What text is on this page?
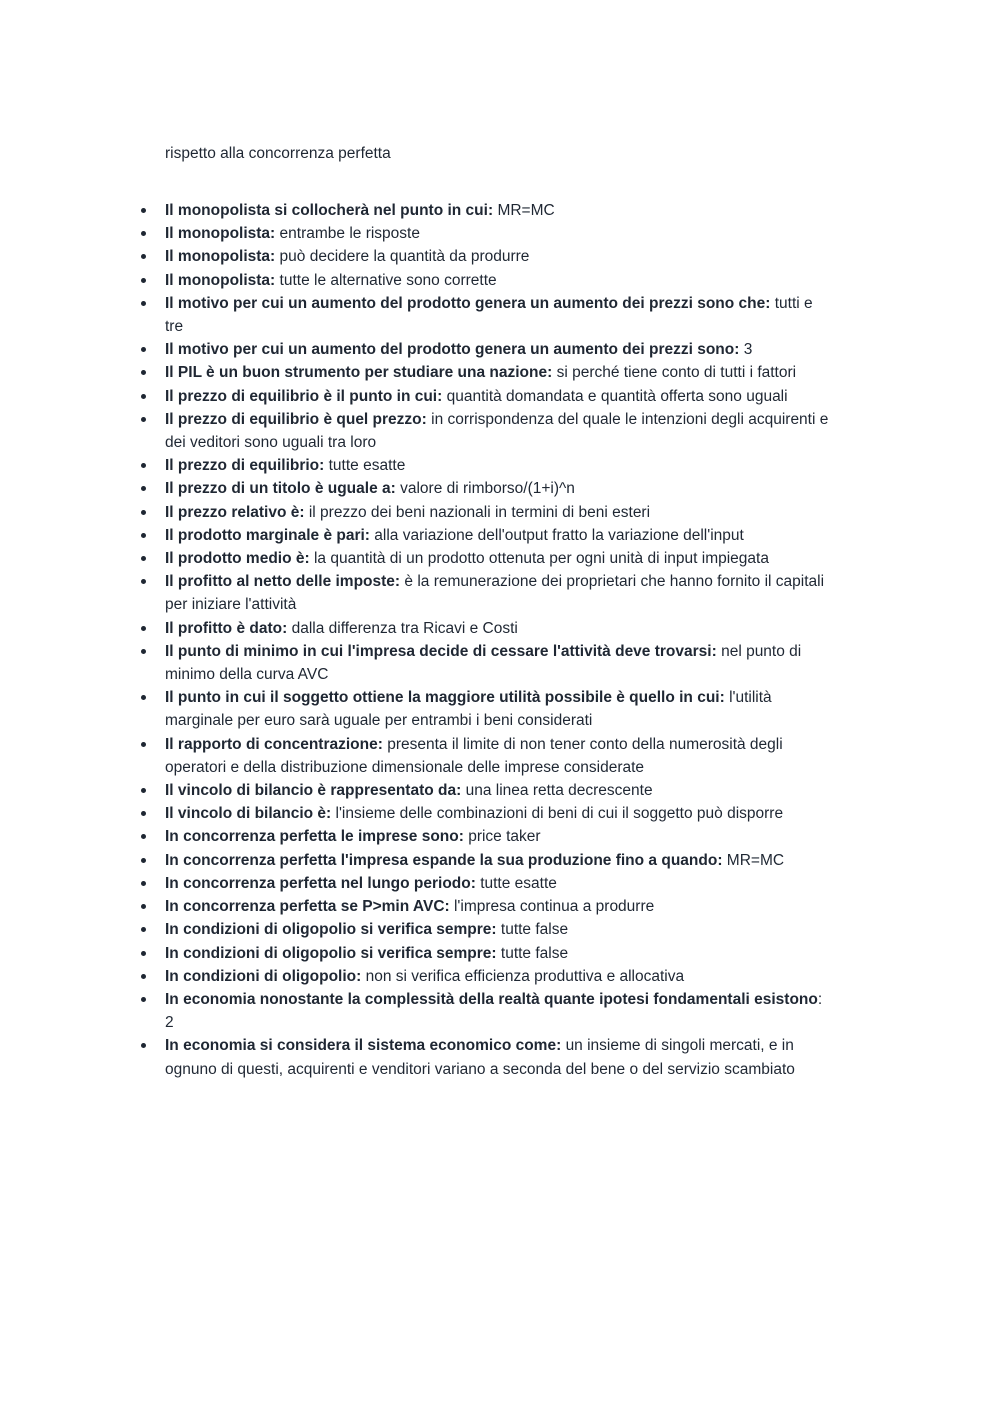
rispetto alla concorrenza perfetta

Il monopolista si collocherà nel punto in cui: MR=MC
Il monopolista: entrambe le risposte
Il monopolista: può decidere la quantità da produrre
Il monopolista: tutte le alternative sono corrette
Il motivo per cui un aumento del prodotto genera un aumento dei prezzi sono che: tutti e tre
Il motivo per cui un aumento del prodotto genera un aumento dei prezzi sono: 3
Il PIL è un buon strumento per studiare una nazione: si perché tiene conto di tutti i fattori
Il prezzo di equilibrio è il punto in cui: quantità domandata e quantità offerta sono uguali
Il prezzo di equilibrio è quel prezzo: in corrispondenza del quale le intenzioni degli acquirenti e dei veditori sono uguali tra loro
Il prezzo di equilibrio: tutte esatte
Il prezzo di un titolo è uguale a: valore di rimborso/(1+i)^n
Il prezzo relativo è: il prezzo dei beni nazionali in termini di beni esteri
Il prodotto marginale è pari: alla variazione dell'output fratto la variazione dell'input
Il prodotto medio è: la quantità di un prodotto ottenuta per ogni unità di input impiegata
Il profitto al netto delle imposte: è la remunerazione dei proprietari che hanno fornito il capitali per iniziare l'attività
Il profitto è dato: dalla differenza tra Ricavi e Costi
Il punto di minimo in cui l'impresa decide di cessare l'attività deve trovarsi: nel punto di minimo della curva AVC
Il punto in cui il soggetto ottiene la maggiore utilità possibile è quello in cui: l'utilità marginale per euro sarà uguale per entrambi i beni considerati
Il rapporto di concentrazione: presenta il limite di non tener conto della numerosità degli operatori e della distribuzione dimensionale delle imprese considerate
Il vincolo di bilancio è rappresentato da: una linea retta decrescente
Il vincolo di bilancio è: l'insieme delle combinazioni di beni di cui il soggetto può disporre
In concorrenza perfetta le imprese sono: price taker
In concorrenza perfetta l'impresa espande la sua produzione fino a quando: MR=MC
In concorrenza perfetta nel lungo periodo: tutte esatte
In concorrenza perfetta se P>min AVC: l'impresa continua a produrre
In condizioni di oligopolio si verifica sempre: tutte false
In condizioni di oligopolio si verifica sempre: tutte false
In condizioni di oligopolio: non si verifica efficienza produttiva e allocativa
In economia nonostante la complessità della realtà quante ipotesi fondamentali esistono: 2
In economia si considera il sistema economico come: un insieme di singoli mercati, e in ognuno di questi, acquirenti e venditori variano a seconda del bene o del servizio scambiato
